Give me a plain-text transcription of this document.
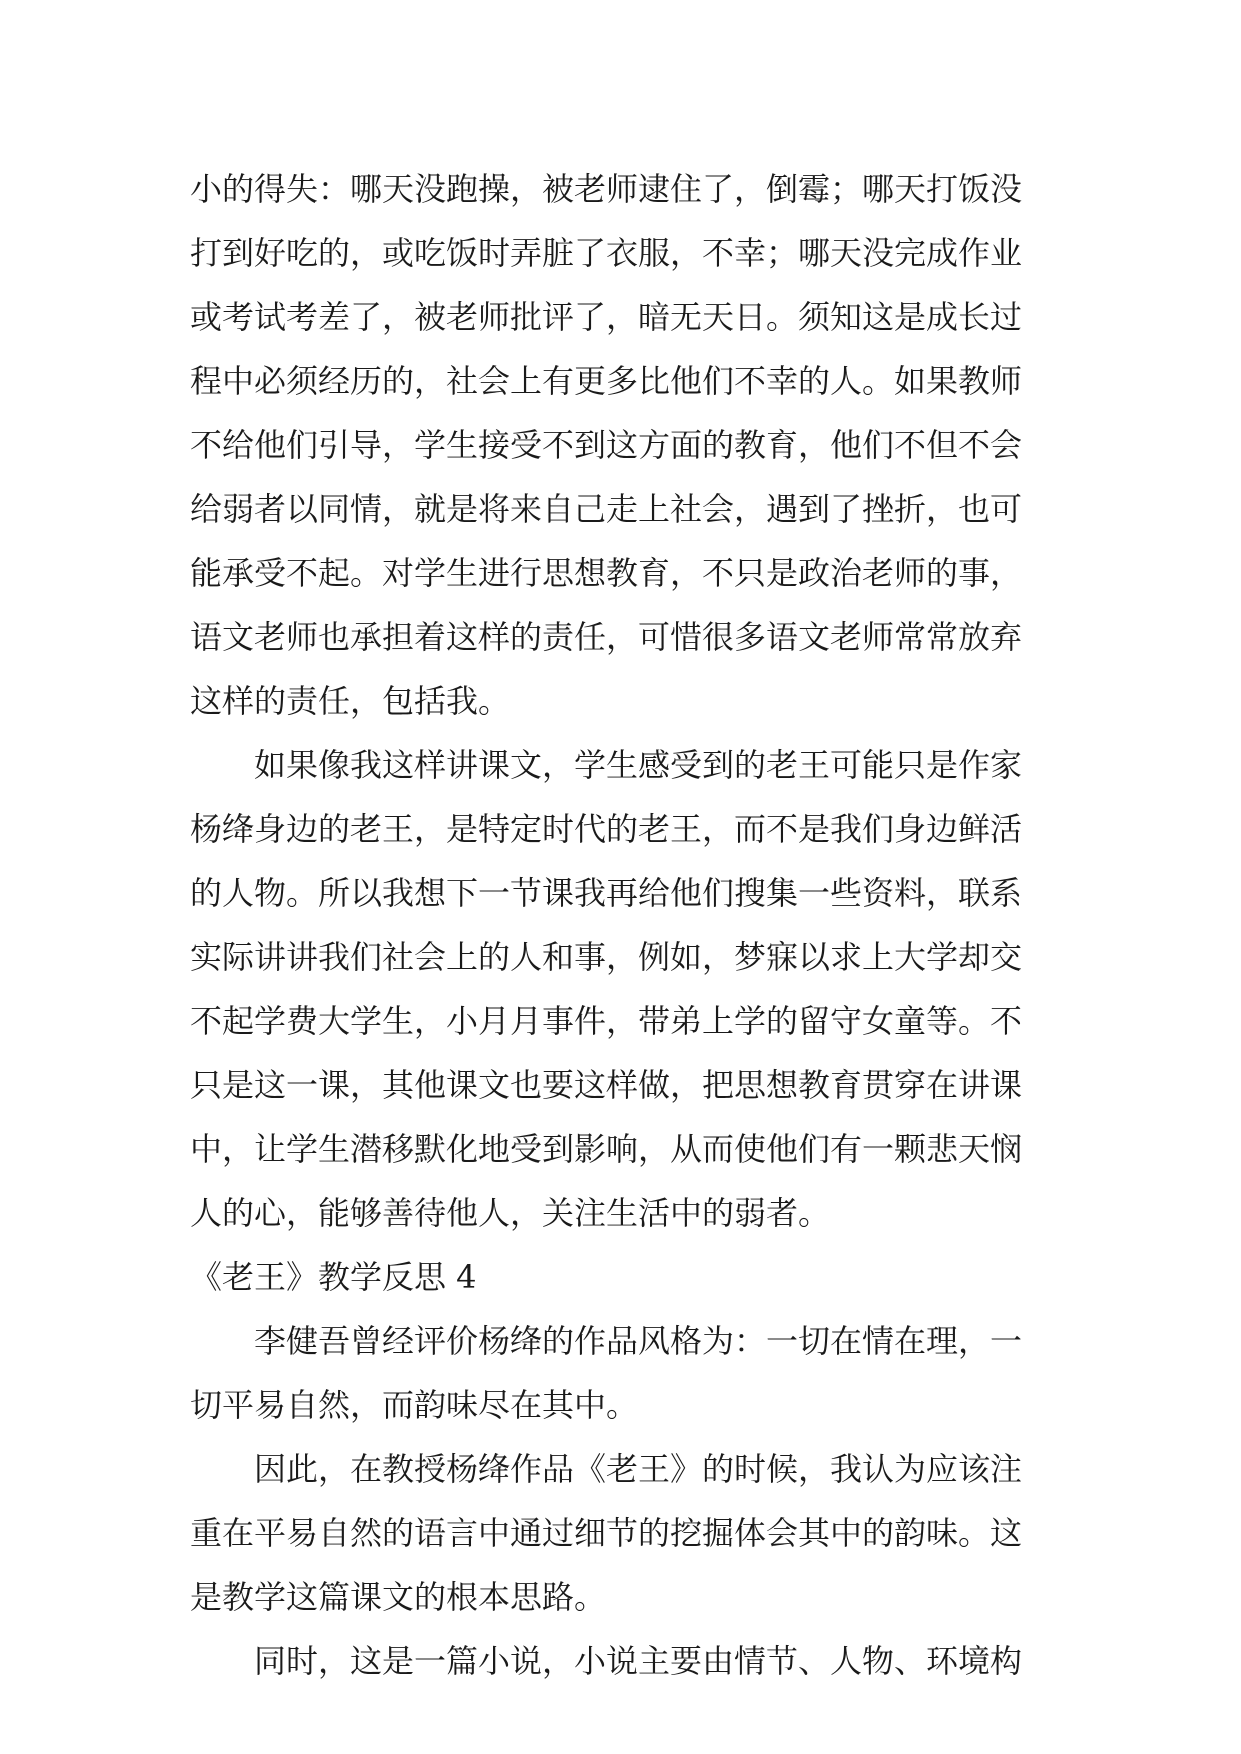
小的得失：哪天没跑操，被老师逮住了，倒霉；哪天打饭没
打到好吃的，或吃饭时弄脏了衣服，不幸；哪天没完成作业
或考试考差了，被老师批评了，暗无天日。须知这是成长过
程中必须经历的，社会上有更多比他们不幸的人。如果教师
不给他们引导，学生接受不到这方面的教育，他们不但不会
给弱者以同情，就是将来自己走上社会，遇到了挫折，也可
能承受不起。对学生进行思想教育，不只是政治老师的事，
语文老师也承担着这样的责任，可惜很多语文老师常常放弃
这样的责任，包括我。

　　如果像我这样讲课文，学生感受到的老王可能只是作家
杨绛身边的老王，是特定时代的老王，而不是我们身边鲜活
的人物。所以我想下一节课我再给他们搜集一些资料，联系
实际讲讲我们社会上的人和事，例如，梦寐以求上大学却交
不起学费大学生，小月月事件，带弟上学的留守女童等。不
只是这一课，其他课文也要这样做，把思想教育贯穿在讲课
中，让学生潜移默化地受到影响，从而使他们有一颗悲天悯
人的心，能够善待他人，关注生活中的弱者。

《老王》教学反思 4

　　李健吾曾经评价杨绛的作品风格为：一切在情在理，一
切平易自然，而韵味尽在其中。

　　因此，在教授杨绛作品《老王》的时候，我认为应该注
重在平易自然的语言中通过细节的挖掘体会其中的韵味。这
是教学这篇课文的根本思路。

　　同时，这是一篇小说，小说主要由情节、人物、环境构
